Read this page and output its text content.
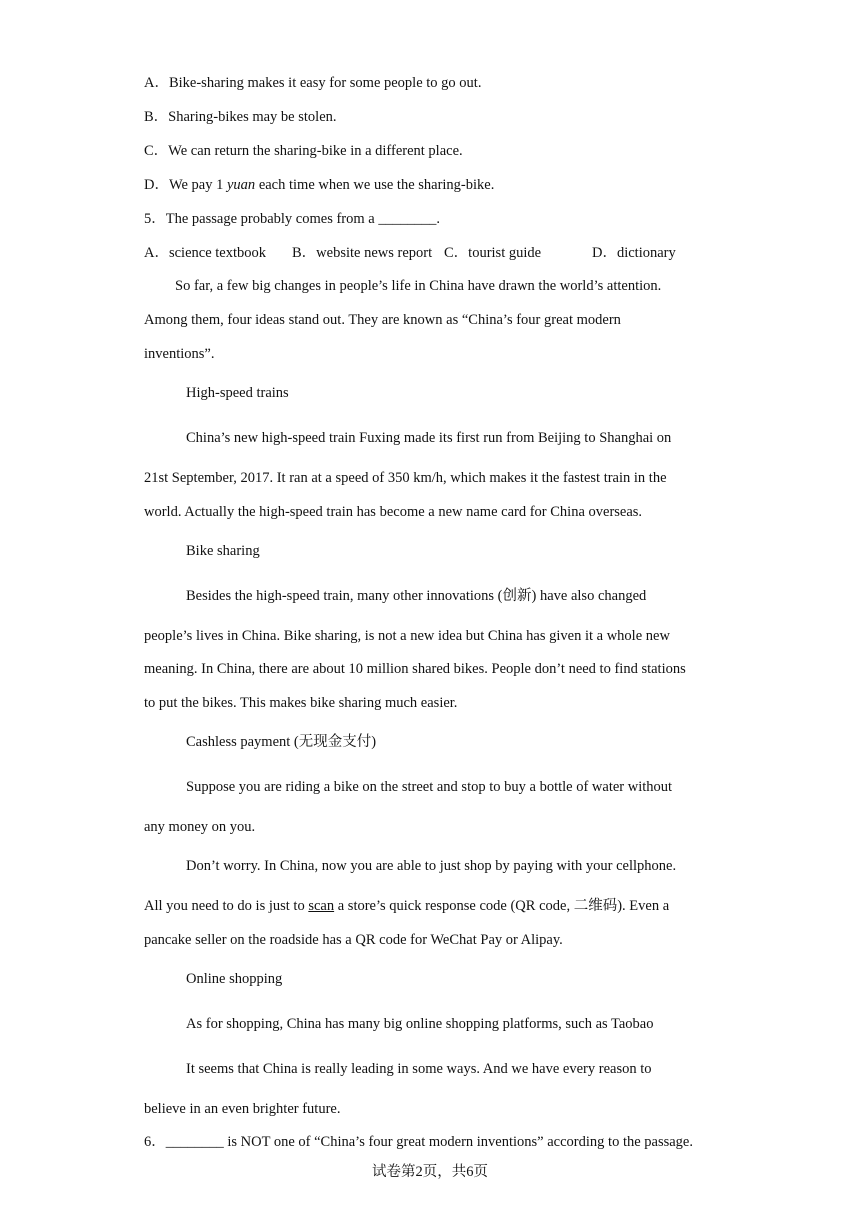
A．Bike-sharing makes it easy for some people to go out.
B．Sharing-bikes may be stolen.
C．We can return the sharing-bike in a different place.
D．We pay 1 yuan each time when we use the sharing-bike.
5．The passage probably comes from a ________.
A．science textbook B．website news report C．tourist guide	D．dictionary
So far, a few big changes in people’s life in China have drawn the world’s attention.
Among them, four ideas stand out. They are known as “China’s four great modern
inventions”.
High-speed trains
China’s new high-speed train Fuxing made its first run from Beijing to Shanghai on
21st September, 2017. It ran at a speed of 350 km/h, which makes it the fastest train in the
world. Actually the high-speed train has become a new name card for China overseas.
Bike sharing
Besides the high-speed train, many other innovations (创新) have also changed
people’s lives in China. Bike sharing, is not a new idea but China has given it a whole new
meaning. In China, there are about 10 million shared bikes. People don’t need to find stations
to put the bikes. This makes bike sharing much easier.
Cashless payment (无现金支付)
Suppose you are riding a bike on the street and stop to buy a bottle of water without
any money on you.
Don’t worry. In China, now you are able to just shop by paying with your cellphone.
All you need to do is just to scan a store’s quick response code (QR code, 二维码). Even a
pancake seller on the roadside has a QR code for WeChat Pay or Alipay.
Online shopping
As for shopping, China has many big online shopping platforms, such as Taobao
It seems that China is really leading in some ways. And we have every reason to
believe in an even brighter future.
6．________ is NOT one of “China’s four great modern inventions” according to the passage.
试卷第2页，共6页
